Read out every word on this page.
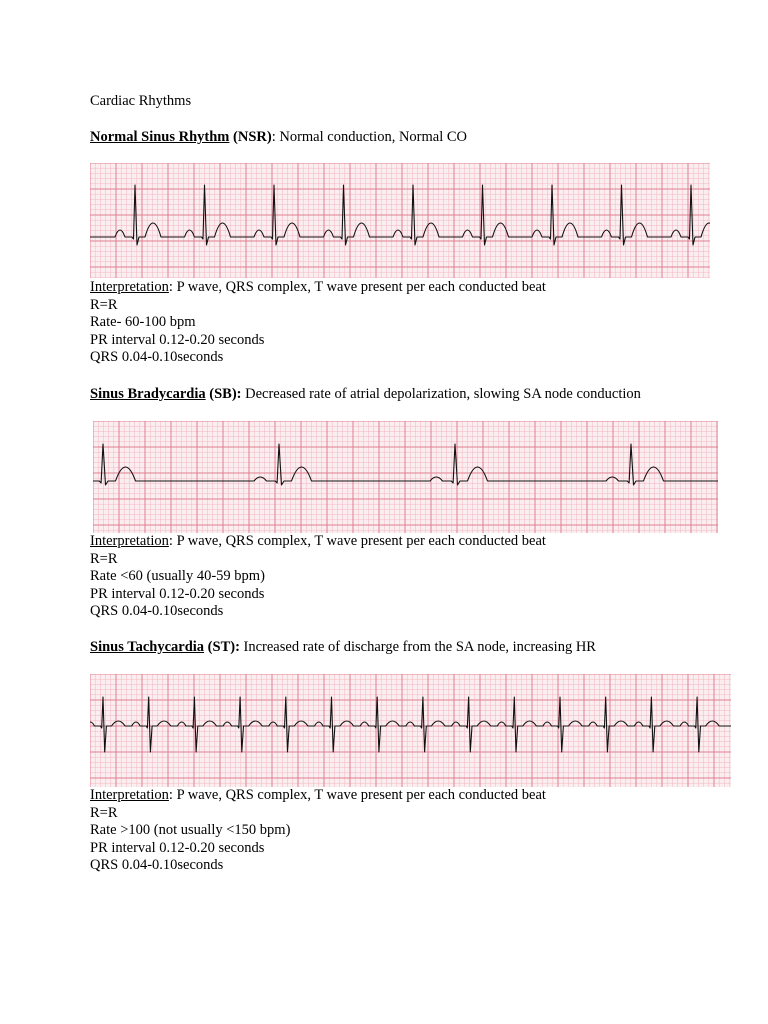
Cardiac Rhythms
Normal Sinus Rhythm (NSR): Normal conduction, Normal CO
Interpretation: P wave, QRS complex, T wave present per each conducted beat
R=R
Rate- 60-100 bpm
PR interval 0.12-0.20 seconds
QRS 0.04-0.10seconds
Sinus Bradycardia (SB): Decreased rate of atrial depolarization, slowing SA node conduction
Interpretation: P wave, QRS complex, T wave present per each conducted beat
R=R
Rate <60 (usually 40-59 bpm)
PR interval 0.12-0.20 seconds
QRS 0.04-0.10seconds
Sinus Tachycardia (ST): Increased rate of discharge from the SA node, increasing HR
Interpretation: P wave, QRS complex, T wave present per each conducted beat
R=R
Rate >100 (not usually <150 bpm)
PR interval 0.12-0.20 seconds
QRS 0.04-0.10seconds
